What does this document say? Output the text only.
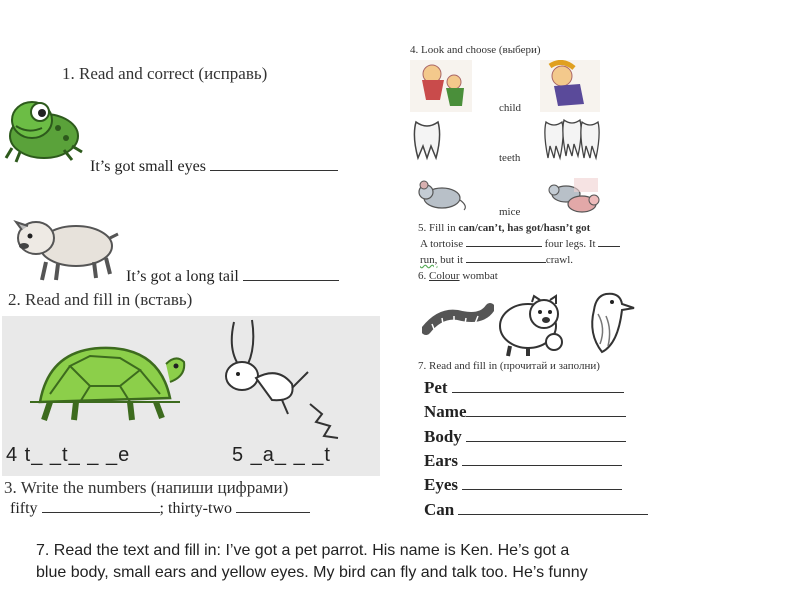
1. Read and correct (исправь)
It’s got small eyes
It’s got a long tail
2. Read and fill in (вставь)
4 t_ _t_ _ _e	5 _a_ _ _t
3. Write the numbers (напиши цифрами)
fifty	; thirty-two
4. Look and choose (выбери)
child
teeth
mice
5. Fill in can/can’t, has got/hasn’t got
A tortoise	four legs. It
run, but it	crawl.
6. Colour wombat
7. Read and fill in (прочитай и заполни)
Pet
Name
Body
Ears
Eyes
Can
7. Read the text and fill in: I’ve got a pet parrot. His name is Ken. He’s got a
blue body, small ears and yellow eyes. My bird can fly and talk too. He’s funny
